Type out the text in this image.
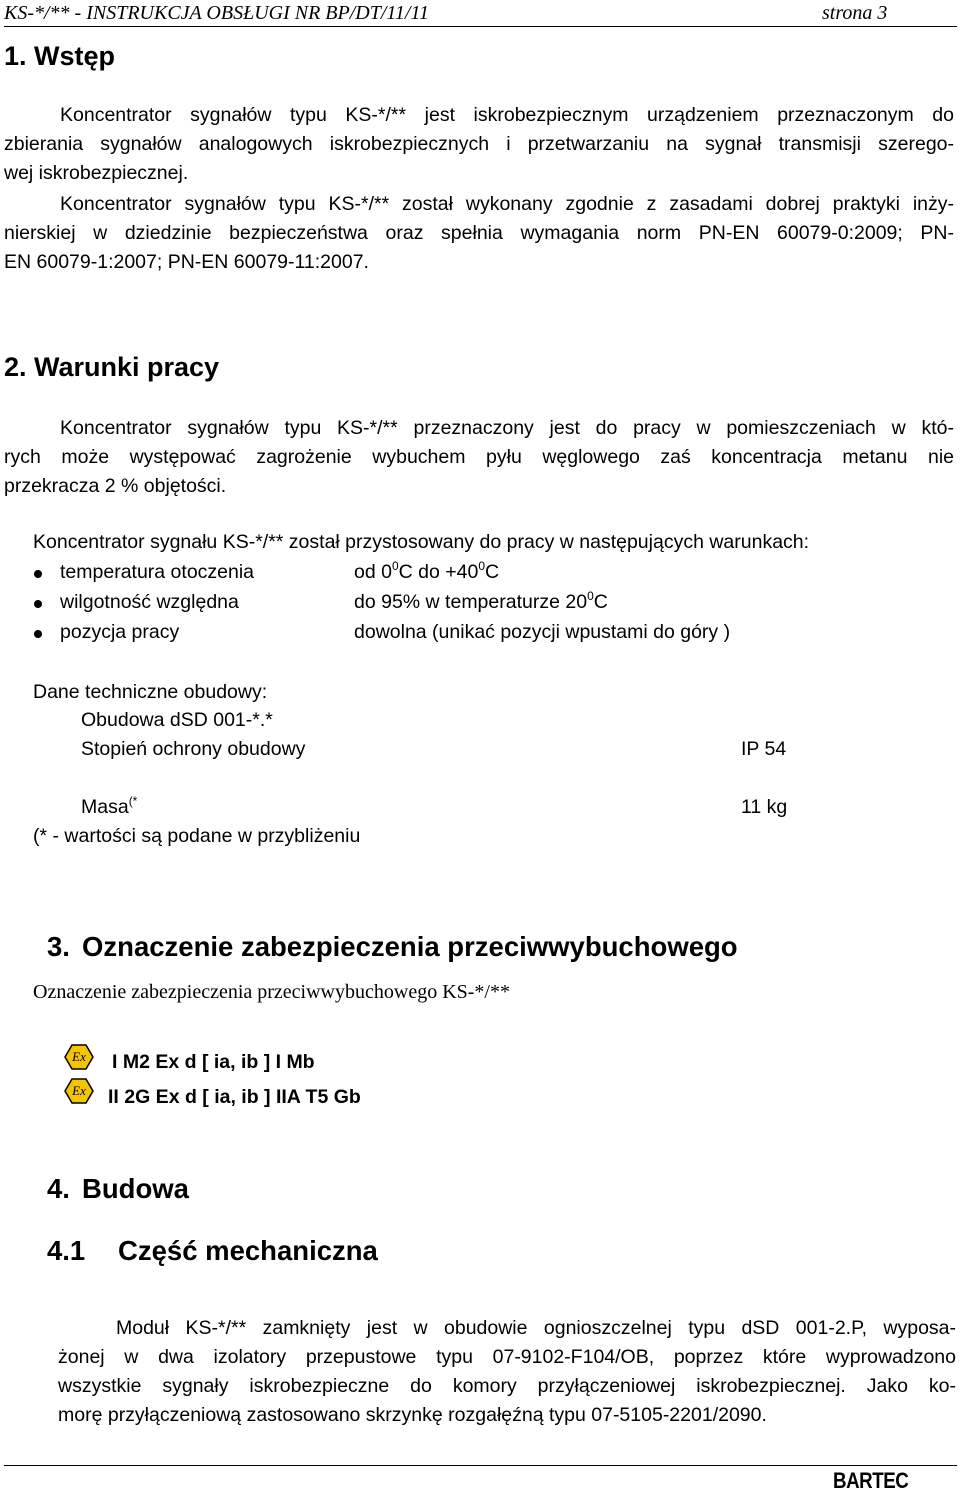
KS-*/** - INSTRUKCJA OBSŁUGI NR BP/DT/11/11	strona 3
1. Wstęp
Koncentrator sygnałów typu KS-*/** jest iskrobezpiecznym urządzeniem przeznaczonym do
zbierania sygnałów analogowych iskrobezpiecznych i przetwarzaniu na sygnał transmisji szerego-
wej iskrobezpiecznej.
Koncentrator sygnałów typu KS-*/** został wykonany zgodnie z zasadami dobrej praktyki inży-
nierskiej w dziedzinie bezpieczeństwa oraz spełnia wymagania norm PN-EN 60079-0:2009; PN-
EN 60079-1:2007; PN-EN 60079-11:2007.
2. Warunki pracy
Koncentrator sygnałów typu KS-*/** przeznaczony jest do pracy w pomieszczeniach w któ-
rych może występować zagrożenie wybuchem pyłu węglowego zaś koncentracja metanu nie
przekracza 2 % objętości.
Koncentrator sygnału KS-*/** został przystosowany do pracy w następujących warunkach:
temperatura otoczenia	od $0^0C$ do $+40^0C$
wilgotność względna	do 95% w temperaturze $20^0C$
pozycja pracy	dowolna (unikać pozycji wpustami do góry )
Dane techniczne obudowy:
Obudowa dSD 001-*.*
Stopień ochrony obudowy	IP 54
Masa(*	11 kg
(* - wartości są podane w przybliżeniu
3. Oznaczenie zabezpieczenia przeciwwybuchowego
Oznaczenie zabezpieczenia przeciwwybuchowego KS-*/**
Ex I M2 Ex d [ ia, ib ] I Mb
Ex II 2G Ex d [ ia, ib ] IIA T5 Gb
4. Budowa
4.1 Część mechaniczna
Moduł KS-*/** zamknięty jest w obudowie ognioszczelnej typu dSD 001-2.P, wyposa-
żonej w dwa izolatory przepustowe typu 07-9102-F104/OB, poprzez które wyprowadzono
wszystkie sygnały iskrobezpieczne do komory przyłączeniowej iskrobezpiecznej. Jako ko-
morę przyłączeniową zastosowano skrzynkę rozgałęźną typu 07-5105-2201/2090.
BARTEC
